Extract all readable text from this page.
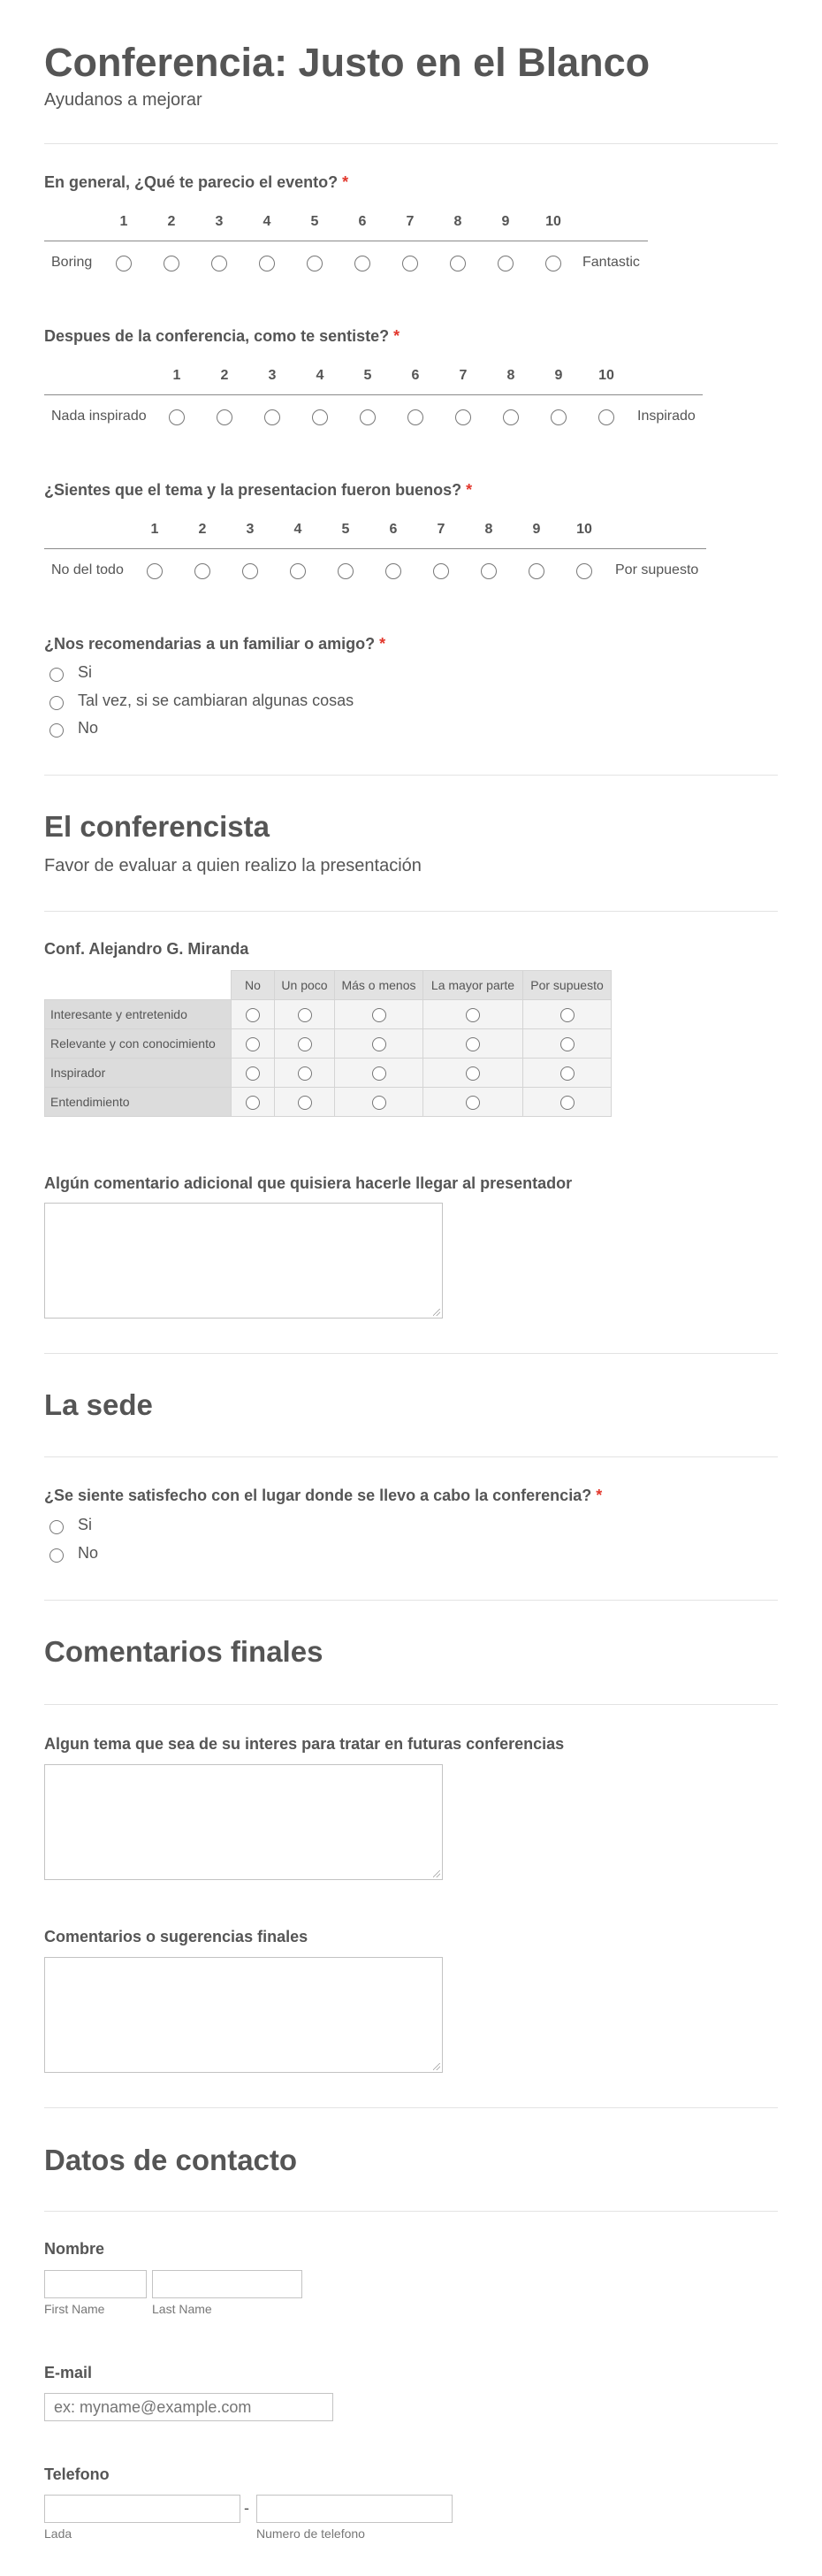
Conferencia: Justo en el Blanco
Ayudanos a mejorar
En general, ¿Qué te parecio el evento? *
1	2	3	4	5	6	7	8	9	10
Boring	Fantastic
Despues de la conferencia, como te sentiste? *
1	2	3	4	5	6	7	8	9	10
Nada inspirado	Inspirado
¿Sientes que el tema y la presentacion fueron buenos? *
1	2	3	4	5	6	7	8	9	10
No del todo	Por supuesto
¿Nos recomendarias a un familiar o amigo? *
Si
Tal vez, si se cambiaran algunas cosas
No
El conferencista
Favor de evaluar a quien realizo la presentación
Conf. Alejandro G. Miranda
	No	Un poco	Más o menos	La mayor parte	Por supuesto
Interesante y entretenido					
Relevante y con conocimiento					
Inspirador					
Entendimiento					
Algún comentario adicional que quisiera hacerle llegar al presentador
La sede
¿Se siente satisfecho con el lugar donde se llevo a cabo la conferencia? *
Si
No
Comentarios finales
Algun tema que sea de su interes para tratar en futuras conferencias
Comentarios o sugerencias finales
Datos de contacto
Nombre
First Name	Last Name
E-mail
ex: myname@example.com
Telefono
-
Lada	Numero de telefono
